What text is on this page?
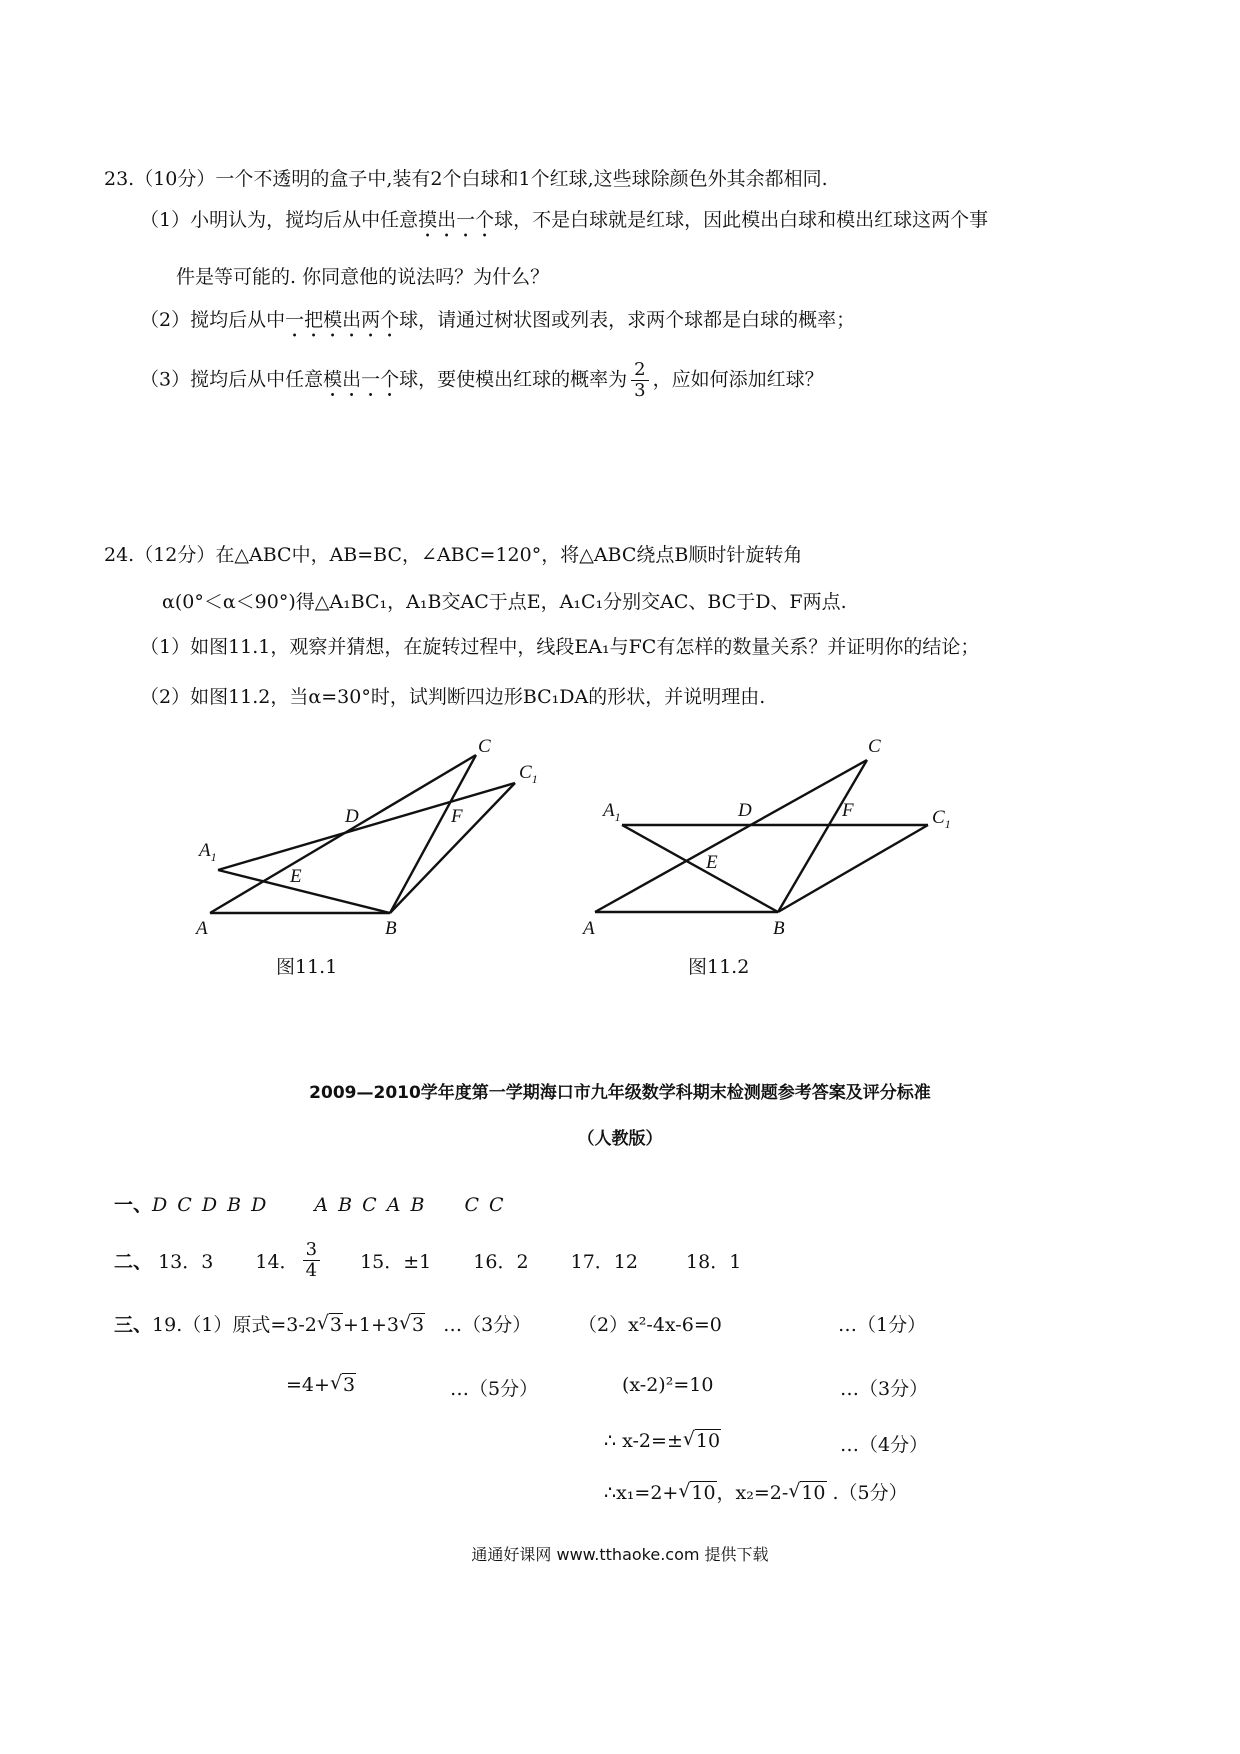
23.（10分）一个不透明的盒子中,装有2个白球和1个红球,这些球除颜色外其余都相同.
（1）小明认为，搅均后从中任意摸出一个球，不是白球就是红球，因此模出白球和模出红球这两个事
件是等可能的. 你同意他的说法吗？为什么？
（2）搅均后从中一把模出两个球，请通过树状图或列表，求两个球都是白球的概率；
（3）搅均后从中任意模出一个球，要使模出红球的概率为 $\frac{2}{3}$ ，应如何添加红球？
24.（12分）在△ABC中，AB=BC，∠ABC=120°，将△ABC绕点B顺时针旋转角
α(0°＜α＜90°)得△A₁BC₁，A₁B交AC于点E，A₁C₁分别交AC、BC于D、F两点.
（1）如图11.1，观察并猜想，在旋转过程中，线段EA₁与FC有怎样的数量关系？并证明你的结论；
（2）如图11.2，当α=30°时，试判断四边形BC₁DA的形状，并说明理由.
A	B
C
$C_1$
$A_1$
D
E
F
图11.1
A	B
C
$C_1$
$A_1$	D
E
F
图11.2
2009—2010学年度第一学期海口市九年级数学科期末检测题参考答案及评分标准
（人教版）
一、D C D B D A B C A B C C
二、 13．3 14． $\frac{3}{4} 15$．±1 16．2 17．12	18．1
三、19.（1）原式=3-2 √ 3+1+3 √ 3 …（3分） （2）x²-4x-6=0	…（1分）
=4+ √ 3	…（5分）	(x-2)²=10	…（3分）
∴ x-2=± √ 10	…（4分）
∴x₁=2+ √ 10，x₂=2- √ 10 .（5分）
通通好课网 www.tthaoke.com 提供下载
